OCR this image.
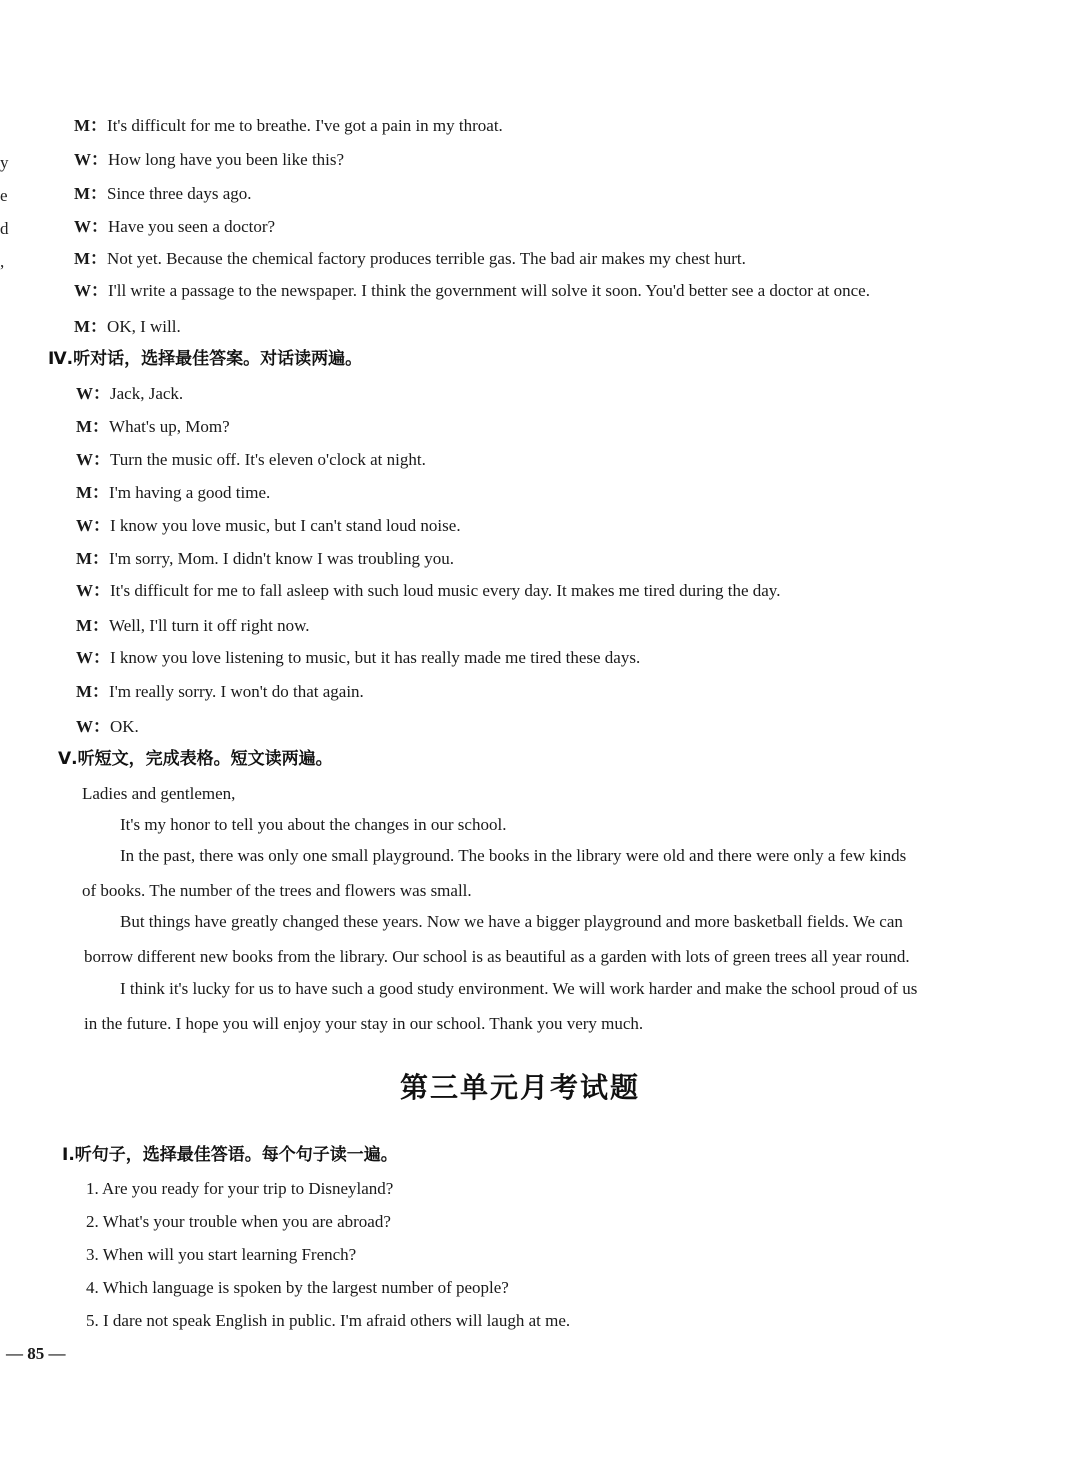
y
e
d
,
M：It's difficult for me to breathe. I've got a pain in my throat.
W：How long have you been like this?
M：Since three days ago.
W：Have you seen a doctor?
M：Not yet. Because the chemical factory produces terrible gas. The bad air makes my chest hurt.
W：I'll write a passage to the newspaper. I think the government will solve it soon. You'd better see a doctor at once.
M：OK, I will.
Ⅳ.听对话，选择最佳答案。对话读两遍。
W：Jack, Jack.
M：What's up, Mom?
W：Turn the music off. It's eleven o'clock at night.
M：I'm having a good time.
W：I know you love music, but I can't stand loud noise.
M：I'm sorry, Mom. I didn't know I was troubling you.
W：It's difficult for me to fall asleep with such loud music every day. It makes me tired during the day.
M：Well, I'll turn it off right now.
W：I know you love listening to music, but it has really made me tired these days.
M：I'm really sorry. I won't do that again.
W：OK.
Ⅴ.听短文，完成表格。短文读两遍。
Ladies and gentlemen,
It's my honor to tell you about the changes in our school.
In the past, there was only one small playground. The books in the library were old and there were only a few kinds
of books. The number of the trees and flowers was small.
But things have greatly changed these years. Now we have a bigger playground and more basketball fields. We can
borrow different new books from the library. Our school is as beautiful as a garden with lots of green trees all year round.
I think it's lucky for us to have such a good study environment. We will work harder and make the school proud of us
in the future. I hope you will enjoy your stay in our school. Thank you very much.
第三单元月考试题
Ⅰ.听句子，选择最佳答语。每个句子读一遍。
1. Are you ready for your trip to Disneyland?
2. What's your trouble when you are abroad?
3. When will you start learning French?
4. Which language is spoken by the largest number of people?
5. I dare not speak English in public. I'm afraid others will laugh at me.
— 85 —
